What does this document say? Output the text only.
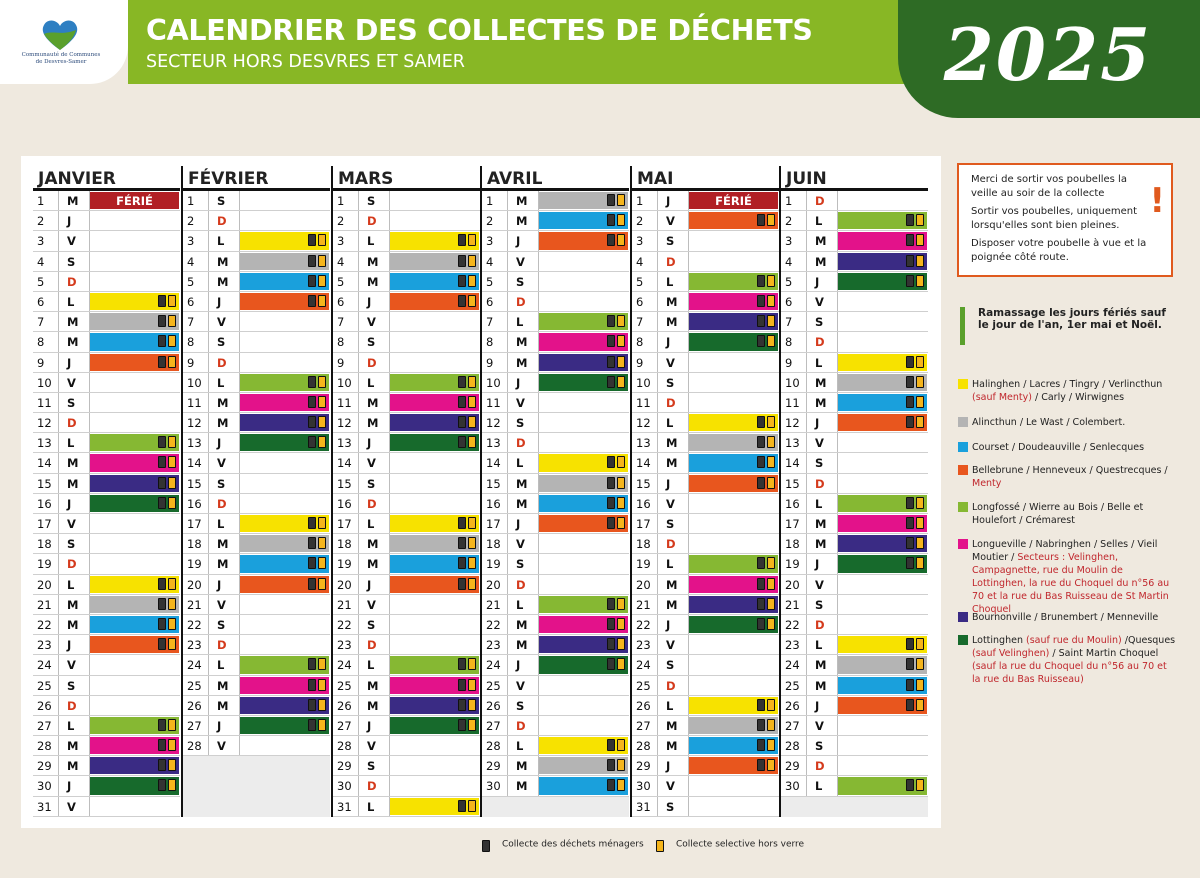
Communauté de Communes
de Desvres-Samer
CALENDRIER DES COLLECTES DE DÉCHETS
SECTEUR HORS DESVRES ET SAMER	2025
JANVIER
1 M	FÉRIÉ
2 J
3 V
4 S
5 D
6 L
7 M
8 M
9 J
10 V
11 S
12 D
13 L
14 M
15 M
16 J
17 V
18 S
19 D
20 L
21 M
22 M
23 J
24 V
25 S
26 D
27 L
28 M
29 M
30 J
31 V
FÉVRIER
1 S
2 D
3 L
4 M
5 M
6 J
7 V
8 S
9 D
10 L
11 M
12 M
13 J
14 V
15 S
16 D
17 L
18 M
19 M
20 J
21 V
22 S
23 D
24 L
25 M
26 M
27 J
28 V
MARS
1 S
2 D
3 L
4 M
5 M
6 J
7 V
8 S
9 D
10 L
11 M
12 M
13 J
14 V
15 S
16 D
17 L
18 M
19 M
20 J
21 V
22 S
23 D
24 L
25 M
26 M
27 J
28 V
29 S
30 D
31 L
AVRIL
1 M
2 M
3 J
4 V
5 S
6 D
7 L
8 M
9 M
10 J
11 V
12 S
13 D
14 L
15 M
16 M
17 J
18 V
19 S
20 D
21 L
22 M
23 M
24 J
25 V
26 S
27 D
28 L
29 M
30 M
MAI
1 J	FÉRIÉ
2 V
3 S
4 D
5 L
6 M
7 M
8 J
9 V
10 S
11 D
12 L
13 M
14 M
15 J
16 V
17 S
18 D
19 L
20 M
21 M
22 J
23 V
24 S
25 D
26 L
27 M
28 M
29 J
30 V
31 S
JUIN
1 D
2 L
3 M
4 M
5 J
6 V
7 S
8 D
9 L
10 M
11 M
12 J
13 V
14 S
15 D
16 L
17 M
18 M
19 J
20 V
21 S
22 D
23 L
24 M
25 M
26 J
27 V
28 S
29 D
30 L

Merci de sortir vos poubelles la veille au soir de la collecte

Sortir vos poubelles, uniquement lorsqu'elles sont bien pleines.

Disposer votre poubelle à vue et la poignée côté route.

!
Ramassage les jours fériés sauf le jour de l'an, 1er mai et Noël.
Halinghen / Lacres / Tingry / Verlincthun (sauf Menty) / Carly / Wirwignes
Alincthun / Le Wast / Colembert.
Courset / Doudeauville / Senlecques
Bellebrune / Henneveux / Questrecques / Menty
Longfossé / Wierre au Bois / Belle et Houlefort / Crémarest
Longueville / Nabringhen / Selles / Vieil Moutier / Secteurs : Velinghen, Campagnette, rue du Moulin de Lottinghen, la rue du Choquel du n°56 au 70 et la rue du Bas Ruisseau de St Martin Choquel
Bournonville / Brunembert / Menneville
Lottinghen (sauf rue du Moulin) /Quesques (sauf Velinghen) / Saint Martin Choquel (sauf la rue du Choquel du n°56 au 70 et la rue du Bas Ruisseau)
Collecte des déchets ménagers	Collecte selective hors verre
